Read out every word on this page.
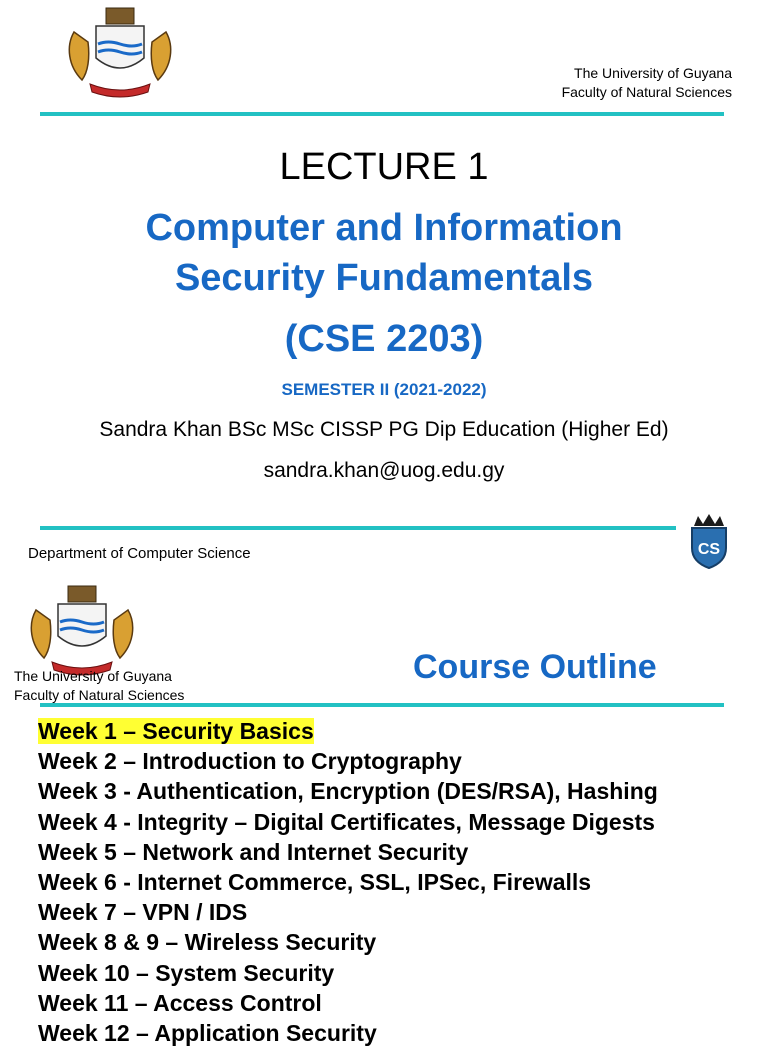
The University of Guyana
Faculty of Natural Sciences
LECTURE 1
Computer and Information
Security Fundamentals
(CSE 2203)
SEMESTER II (2021-2022)
Sandra Khan BSc MSc CISSP PG Dip Education (Higher Ed)
sandra.khan@uog.edu.gy
Department of Computer Science	CS
The University of Guyana
Faculty of Natural Sciences
Course Outline
Week 1 – Security Basics
Week 2 – Introduction to Cryptography
Week 3 - Authentication, Encryption (DES/RSA), Hashing
Week 4 - Integrity – Digital Certificates, Message Digests
Week 5 – Network and Internet Security
Week 6 - Internet Commerce, SSL, IPSec, Firewalls
Week 7 – VPN / IDS
Week 8 & 9 – Wireless Security
Week 10 – System Security
Week 11 – Access Control
Week 12 – Application Security
